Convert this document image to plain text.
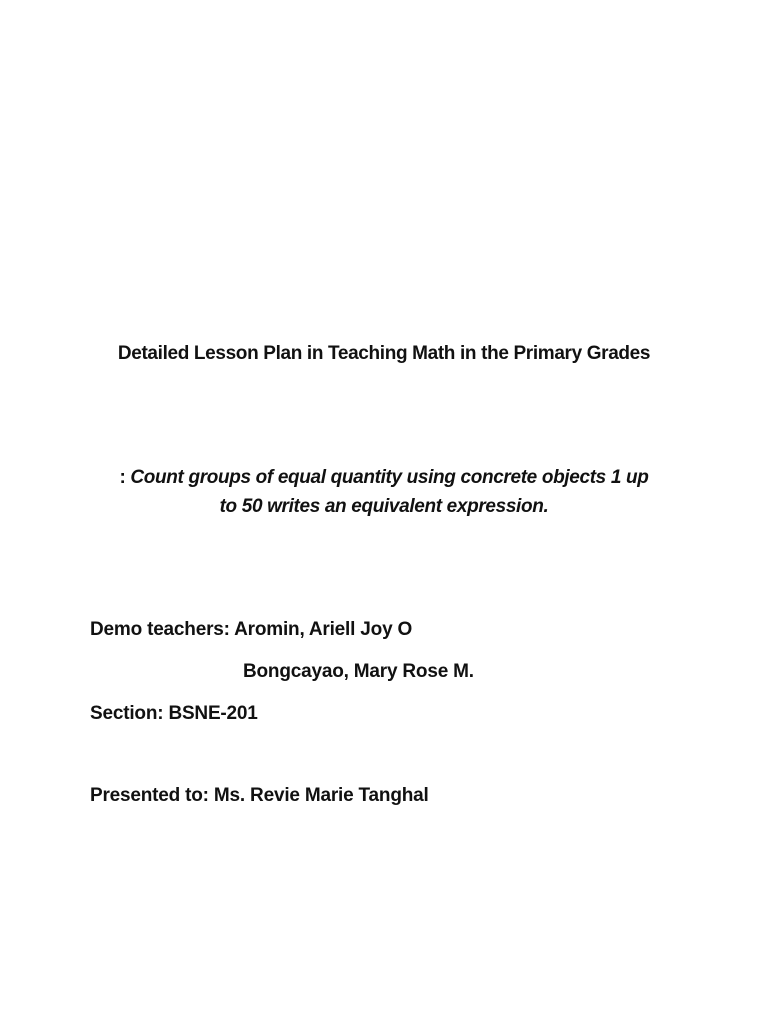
Detailed Lesson Plan in Teaching Math in the Primary Grades
: Count groups of equal quantity using concrete objects 1 up
to 50 writes an equivalent expression.
Demo teachers: Aromin, Ariell Joy O
Bongcayao, Mary Rose M.
Section: BSNE-201
Presented to: Ms. Revie Marie Tanghal
